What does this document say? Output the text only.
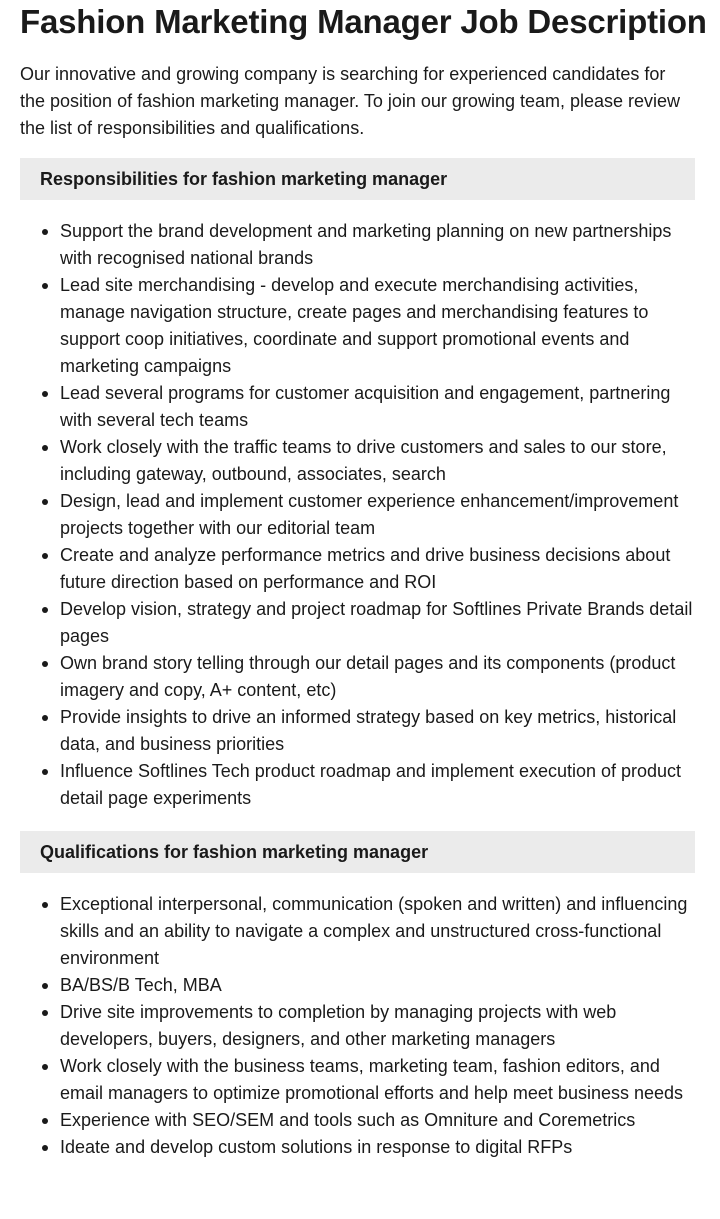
Fashion Marketing Manager Job Description

Our innovative and growing company is searching for experienced candidates for the position of fashion marketing manager. To join our growing team, please review the list of responsibilities and qualifications.

Responsibilities for fashion marketing manager
Support the brand development and marketing planning on new partnerships with recognised national brands
Lead site merchandising - develop and execute merchandising activities, manage navigation structure, create pages and merchandising features to support coop initiatives, coordinate and support promotional events and marketing campaigns
Lead several programs for customer acquisition and engagement, partnering with several tech teams
Work closely with the traffic teams to drive customers and sales to our store, including gateway, outbound, associates, search
Design, lead and implement customer experience enhancement/improvement projects together with our editorial team
Create and analyze performance metrics and drive business decisions about future direction based on performance and ROI
Develop vision, strategy and project roadmap for Softlines Private Brands detail pages
Own brand story telling through our detail pages and its components (product imagery and copy, A+ content, etc)
Provide insights to drive an informed strategy based on key metrics, historical data, and business priorities
Influence Softlines Tech product roadmap and implement execution of product detail page experiments
Qualifications for fashion marketing manager
Exceptional interpersonal, communication (spoken and written) and influencing skills and an ability to navigate a complex and unstructured cross-functional environment
BA/BS/B Tech, MBA
Drive site improvements to completion by managing projects with web developers, buyers, designers, and other marketing managers
Work closely with the business teams, marketing team, fashion editors, and email managers to optimize promotional efforts and help meet business needs
Experience with SEO/SEM and tools such as Omniture and Coremetrics
Ideate and develop custom solutions in response to digital RFPs
